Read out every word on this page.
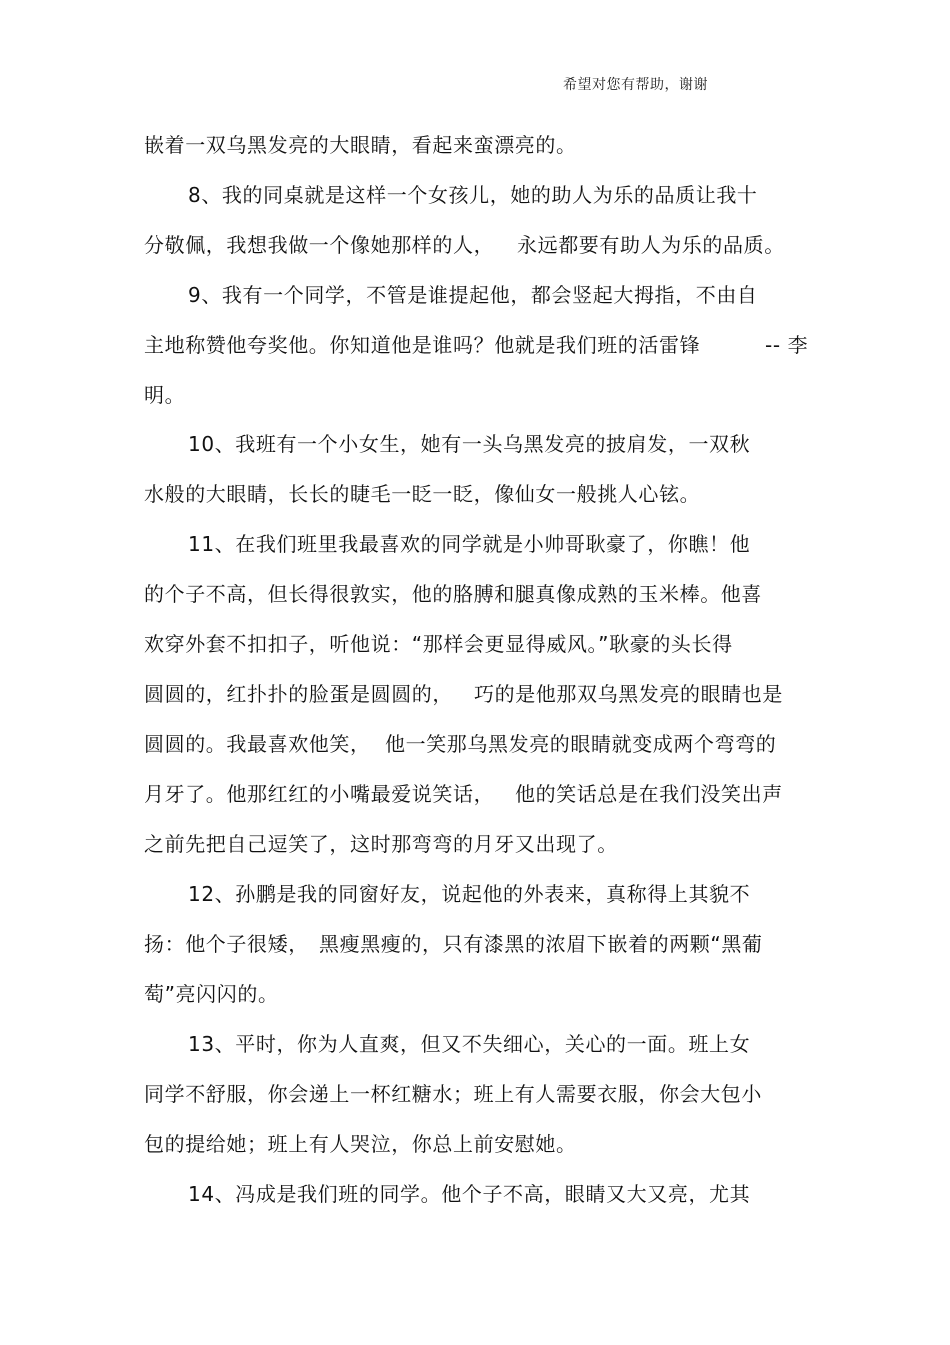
希望对您有帮助，谢谢
嵌着一双乌黑发亮的大眼睛，看起来蛮漂亮的。
8、我的同桌就是这样一个女孩儿，她的助人为乐的品质让我十
分敬佩，我想我做一个像她那样的人， 永远都要有助人为乐的品质。
9、我有一个同学，不管是谁提起他，都会竖起大拇指，不由自
主地称赞他夸奖他。你知道他是谁吗？他就是我们班的活雷锋	-- 李
明。
10、我班有一个小女生，她有一头乌黑发亮的披肩发，一双秋
水般的大眼睛，长长的睫毛一眨一眨，像仙女一般挑人心铉。
11、在我们班里我最喜欢的同学就是小帅哥耿豪了，你瞧！他
的个子不高，但长得很敦实，他的胳膊和腿真像成熟的玉米棒。他喜
欢穿外套不扣扣子，听他说：“那样会更显得威风。”耿豪的头长得
圆圆的，红扑扑的脸蛋是圆圆的， 巧的是他那双乌黑发亮的眼睛也是
圆圆的。我最喜欢他笑， 他一笑那乌黑发亮的眼睛就变成两个弯弯的
月牙了。他那红红的小嘴最爱说笑话， 他的笑话总是在我们没笑出声
之前先把自己逗笑了，这时那弯弯的月牙又出现了。
12、孙鹏是我的同窗好友，说起他的外表来，真称得上其貌不
扬：他个子很矮， 黑瘦黑瘦的，只有漆黑的浓眉下嵌着的两颗“黑葡
萄”亮闪闪的。
13、平时，你为人直爽，但又不失细心，关心的一面。班上女
同学不舒服，你会递上一杯红糖水；班上有人需要衣服，你会大包小
包的提给她；班上有人哭泣，你总上前安慰她。
14、冯成是我们班的同学。他个子不高，眼睛又大又亮，尤其
